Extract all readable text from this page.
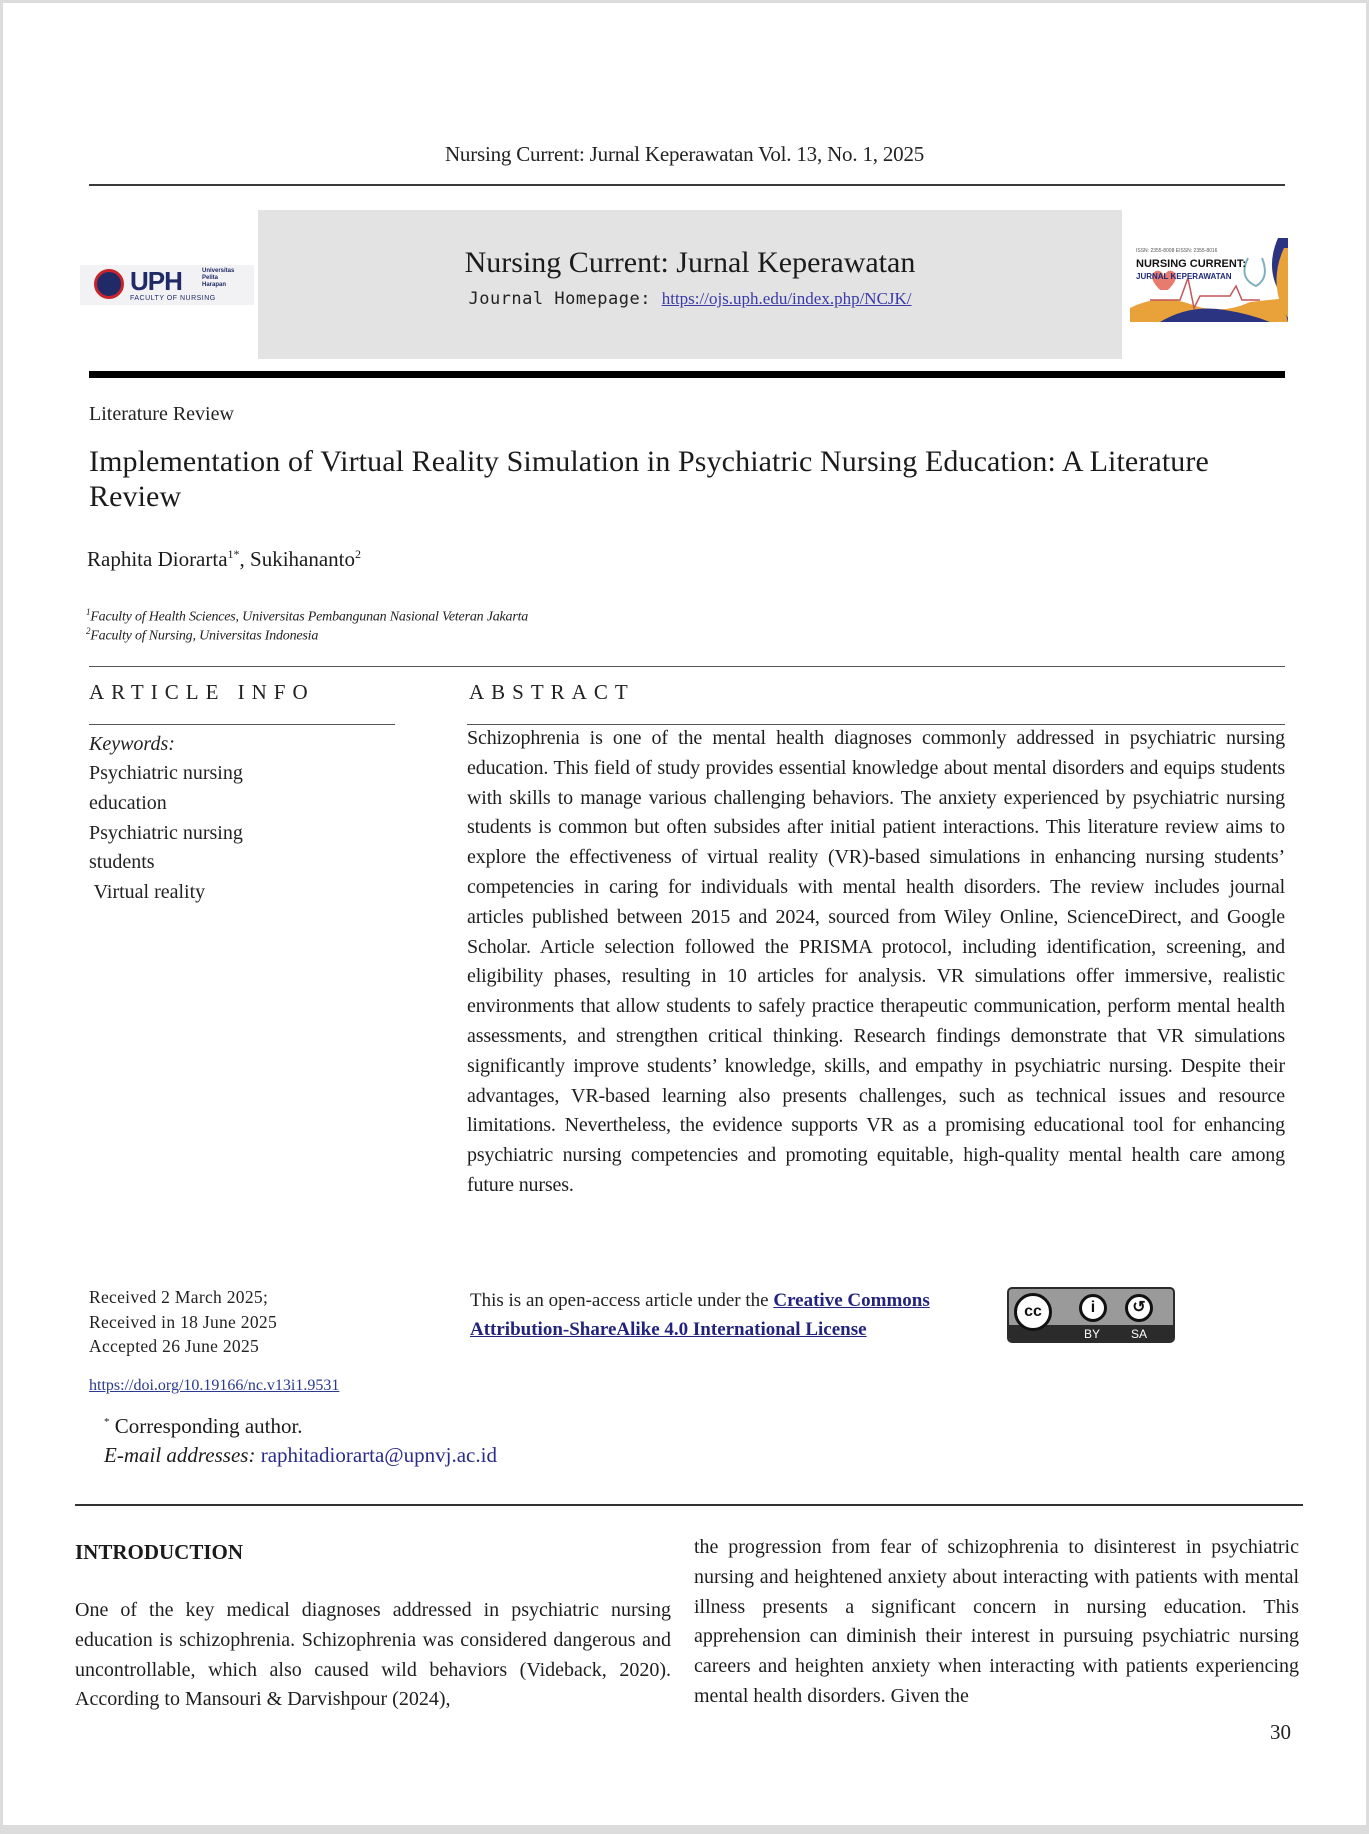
Nursing Current: Jurnal Keperawatan Vol. 13, No. 1, 2025
UPH	Universitas
Pelita
Harapan
FACULTY OF NURSING
Nursing Current: Jurnal Keperawatan
Journal Homepage: https://ojs.uph.edu/index.php/NCJK/
ISSN: 2355-8008 EISSN: 2355-8016
NURSING CURRENT:
JURNAL KEPERAWATAN
Literature Review
Implementation of Virtual Reality Simulation in Psychiatric Nursing Education: A Literature Review
Raphita Diorarta$^{1*}$, Sukihananto$^2$
$^1$Faculty of Health Sciences, Universitas Pembangunan Nasional Veteran Jakarta
$^2$Faculty of Nursing, Universitas Indonesia
ARTICLE INFO	ABSTRACT
Keywords:
Psychiatric nursing
education
Psychiatric nursing
students
Virtual reality
Schizophrenia is one of the mental health diagnoses commonly addressed in psychiatric nursing education. This field of study provides essential knowledge about mental disorders and equips students with skills to manage various challenging behaviors. The anxiety experienced by psychiatric nursing students is common but often subsides after initial patient interactions. This literature review aims to explore the effectiveness of virtual reality (VR)-based simulations in enhancing nursing students’ competencies in caring for individuals with mental health disorders. The review includes journal articles published between 2015 and 2024, sourced from Wiley Online, ScienceDirect, and Google Scholar. Article selection followed the PRISMA protocol, including identification, screening, and eligibility phases, resulting in 10 articles for analysis. VR simulations offer immersive, realistic environments that allow students to safely practice therapeutic communication, perform mental health assessments, and strengthen critical thinking. Research findings demonstrate that VR simulations significantly improve students’ knowledge, skills, and empathy in psychiatric nursing. Despite their advantages, VR-based learning also presents challenges, such as technical issues and resource limitations. Nevertheless, the evidence supports VR as a promising educational tool for enhancing psychiatric nursing competencies and promoting equitable, high-quality mental health care among future nurses.
Received 2 March 2025;
Received in 18 June 2025
Accepted 26 June 2025
https://doi.org/10.19166/nc.v13i1.9531
This is an open-access article under the Creative Commons Attribution-ShareAlike 4.0 International License
cc	i	↺
BY	SA
* Corresponding author.
E-mail addresses: raphitadiorarta@upnvj.ac.id
INTRODUCTION
One of the key medical diagnoses addressed in psychiatric nursing education is schizophrenia. Schizophrenia was considered dangerous and uncontrollable, which also caused wild behaviors (Videback, 2020). According to Mansouri & Darvishpour (2024),
the progression from fear of schizophrenia to disinterest in psychiatric nursing and heightened anxiety about interacting with patients with mental illness presents a significant concern in nursing education. This apprehension can diminish their interest in pursuing psychiatric nursing careers and heighten anxiety when interacting with patients experiencing mental health disorders. Given the
30
